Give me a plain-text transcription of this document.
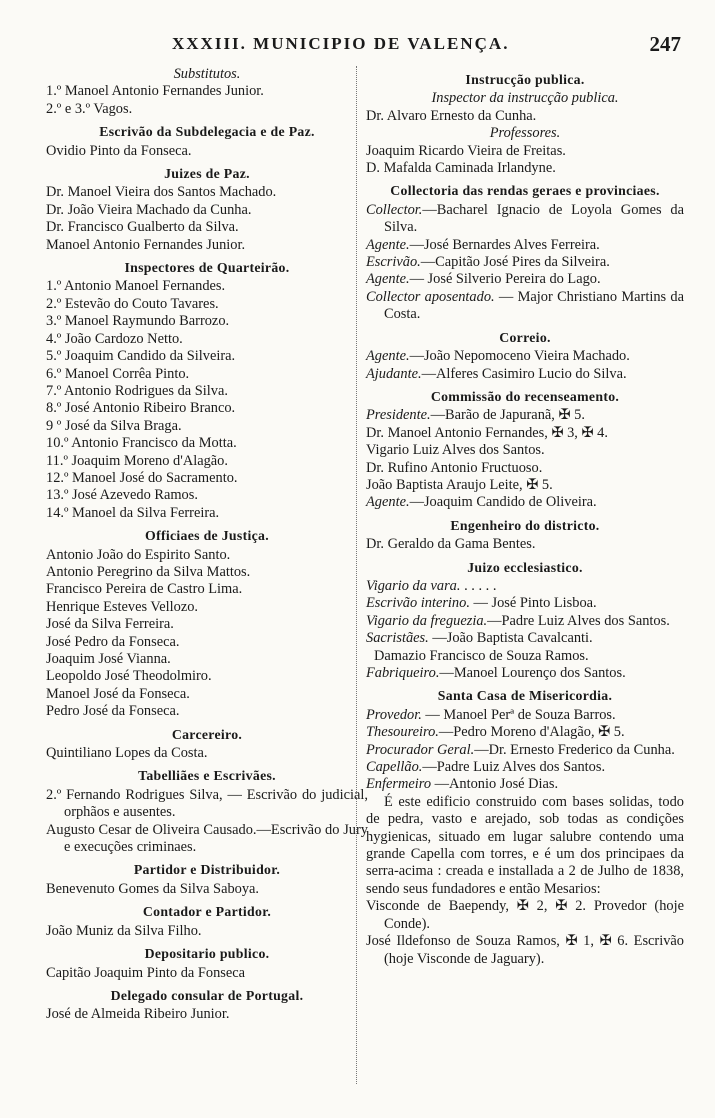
XXXIII. MUNICIPIO DE VALENÇA.	247
Substitutos.
1.º Manoel Antonio Fernandes Junior.
2.º e 3.º Vagos.
Escrivão da Subdelegacia e de Paz.
Ovidio Pinto da Fonseca.
Juizes de Paz.
Dr. Manoel Vieira dos Santos Machado.
Dr. João Vieira Machado da Cunha.
Dr. Francisco Gualberto da Silva.
Manoel Antonio Fernandes Junior.
Inspectores de Quarteirão.
1.º Antonio Manoel Fernandes.
2.º Estevão do Couto Tavares.
3.º Manoel Raymundo Barrozo.
4.º João Cardozo Netto.
5.º Joaquim Candido da Silveira.
6.º Manoel Corrêa Pinto.
7.º Antonio Rodrigues da Silva.
8.º José Antonio Ribeiro Branco.
9 º José da Silva Braga.
10.º Antonio Francisco da Motta.
11.º Joaquim Moreno d'Alagão.
12.º Manoel José do Sacramento.
13.º José Azevedo Ramos.
14.º Manoel da Silva Ferreira.
Officiaes de Justiça.
Antonio João do Espirito Santo.
Antonio Peregrino da Silva Mattos.
Francisco Pereira de Castro Lima.
Henrique Esteves Vellozo.
José da Silva Ferreira.
José Pedro da Fonseca.
Joaquim José Vianna.
Leopoldo José Theodolmiro.
Manoel José da Fonseca.
Pedro José da Fonseca.
Carcereiro.
Quintiliano Lopes da Costa.
Tabelliães e Escrivães.
2.º Fernando Rodrigues Silva, — Escrivão do judicial, orphãos e ausentes.
Augusto Cesar de Oliveira Causado.—Escrivão do Jury e execuções criminaes.
Partidor e Distribuidor.
Benevenuto Gomes da Silva Saboya.
Contador e Partidor.
João Muniz da Silva Filho.
Depositario publico.
Capitão Joaquim Pinto da Fonseca
Delegado consular de Portugal.
José de Almeida Ribeiro Junior.
Instrucção publica.
Inspector da instrucção publica.
Dr. Alvaro Ernesto da Cunha.
Professores.
Joaquim Ricardo Vieira de Freitas.
D. Mafalda Caminada Irlandyne.
Collectoria das rendas geraes e provinciaes.
Collector.—Bacharel Ignacio de Loyola Gomes da Silva.
Agente.—José Bernardes Alves Ferreira.
Escrivão.—Capitão José Pires da Silveira.
Agente.— José Silverio Pereira do Lago.
Collector aposentado. — Major Christiano Martins da Costa.
Correio.
Agente.—João Nepomoceno Vieira Machado.
Ajudante.—Alferes Casimiro Lucio do Silva.
Commissão do recenseamento.
Presidente.—Barão de Japuranã, ✠ 5.
Dr. Manoel Antonio Fernandes, ✠ 3, ✠ 4.
Vigario Luiz Alves dos Santos.
Dr. Rufino Antonio Fructuoso.
João Baptista Araujo Leite, ✠ 5.
Agente.—Joaquim Candido de Oliveira.
Engenheiro do districto.
Dr. Geraldo da Gama Bentes.
Juizo ecclesiastico.
Vigario da vara. . . . . .
Escrivão interino. — José Pinto Lisboa.
Vigario da freguezia.—Padre Luiz Alves dos Santos.
Sacristães. —João Baptista Cavalcanti.
Damazio Francisco de Souza Ramos.
Fabriqueiro.—Manoel Lourenço dos Santos.
Santa Casa de Misericordia.
Provedor. — Manoel Perª de Souza Barros.
Thesoureiro.—Pedro Moreno d'Alagão, ✠ 5.
Procurador Geral.—Dr. Ernesto Frederico da Cunha.
Capellão.—Padre Luiz Alves dos Santos.
Enfermeiro —Antonio José Dias.
É este edificio construido com bases solidas, todo de pedra, vasto e arejado, sob todas as condições hygienicas, situado em lugar salubre contendo uma grande Capella com torres, e é um dos principaes da serra-acima : creada e installada a 2 de Julho de 1838, sendo seus fundadores e então Mesarios:
Visconde de Baependy, ✠ 2, ✠ 2. Provedor (hoje Conde).
José Ildefonso de Souza Ramos, ✠ 1, ✠ 6. Escrivão (hoje Visconde de Jaguary).
